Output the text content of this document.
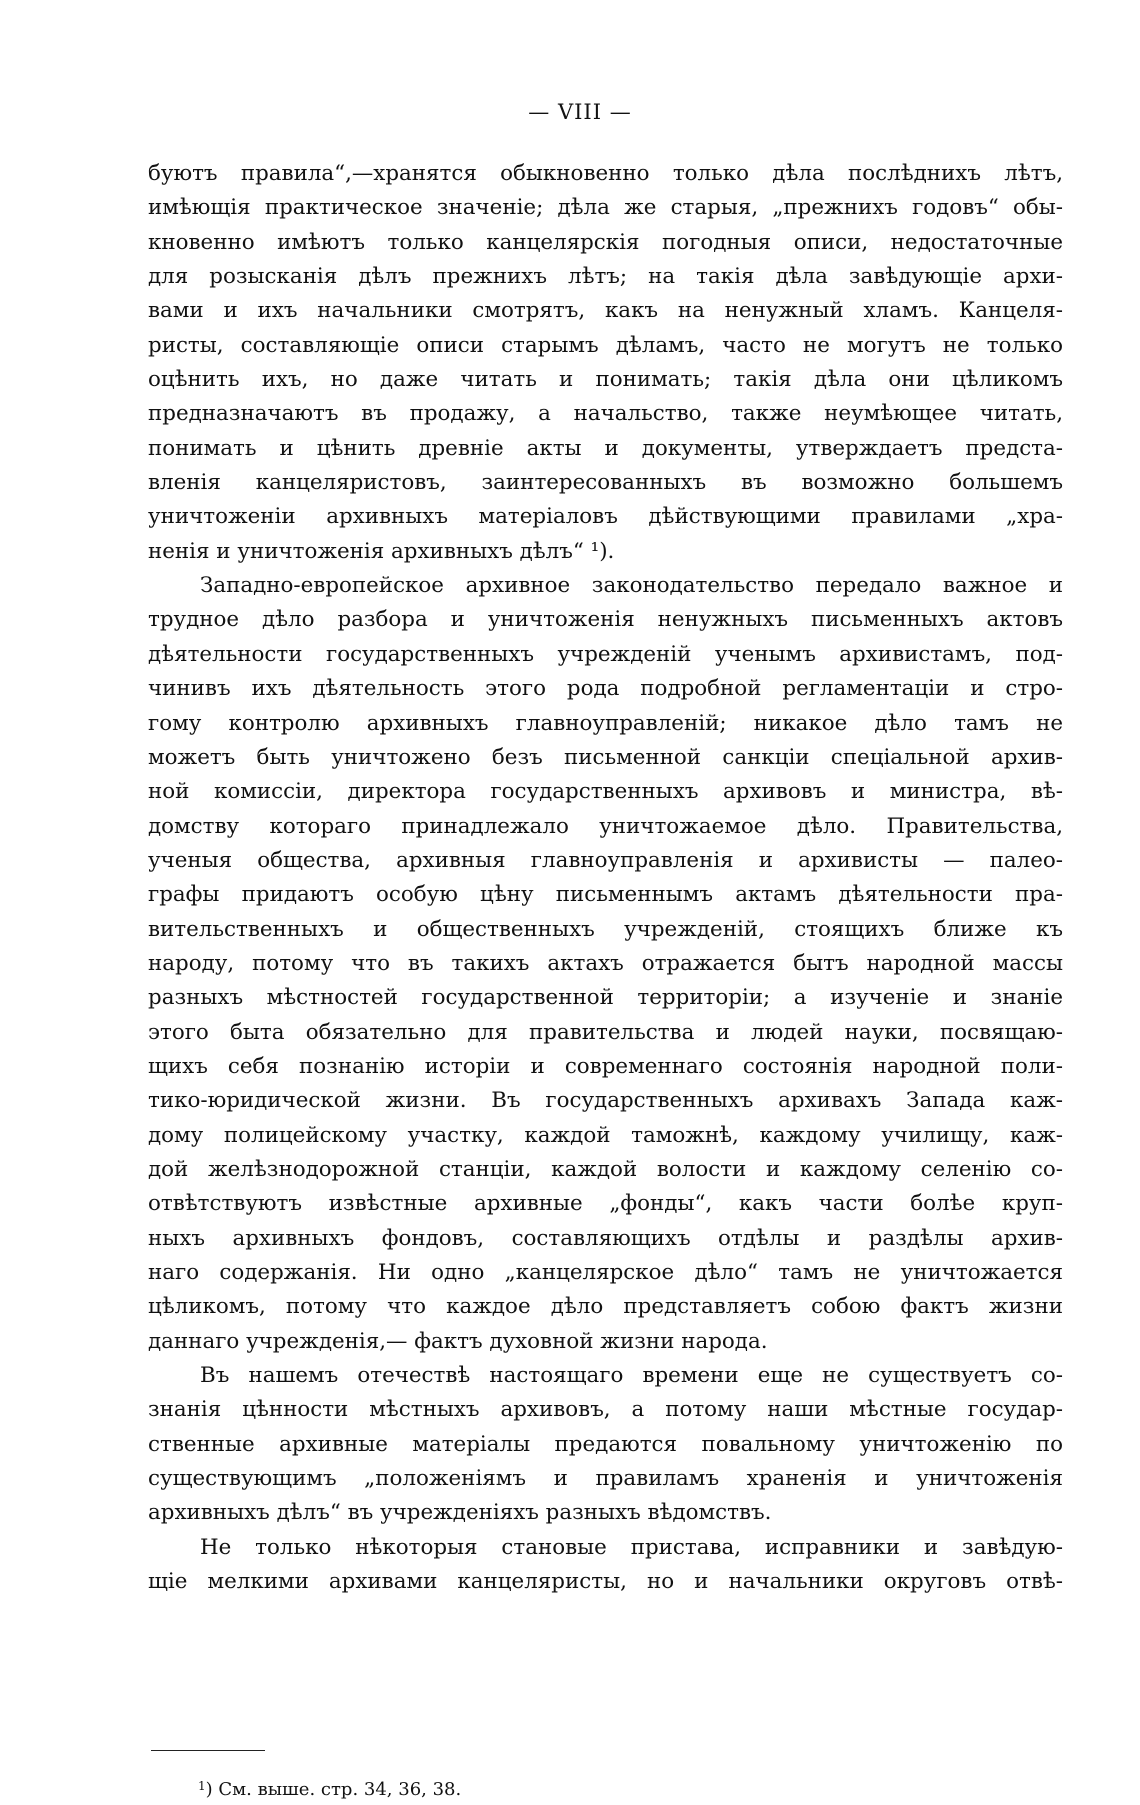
— VIII —
буютъ правила“,—хранятся обыкновенно только дѣла послѣднихъ лѣтъ,
имѣющія практическое значеніе; дѣла же старыя, „прежнихъ годовъ“ обы-
кновенно имѣютъ только канцелярскія погодныя описи, недостаточные
для розысканія дѣлъ прежнихъ лѣтъ; на такія дѣла завѣдующіе архи-
вами и ихъ начальники смотрятъ, какъ на ненужный хламъ. Канцеля-
ристы, составляющіе описи старымъ дѣламъ, часто не могутъ не только
оцѣнить ихъ, но даже читать и понимать; такія дѣла они цѣликомъ
предназначаютъ въ продажу, а начальство, также неумѣющее читать,
понимать и цѣнить древніе акты и документы, утверждаетъ предста-
вленія канцеляристовъ, заинтересованныхъ въ возможно большемъ
уничтоженіи архивныхъ матеріаловъ дѣйствующими правилами „хра-
ненія и уничтоженія архивныхъ дѣлъ“ ¹).
Западно-европейское архивное законодательство передало важное и
трудное дѣло разбора и уничтоженія ненужныхъ письменныхъ актовъ
дѣятельности государственныхъ учрежденій ученымъ архивистамъ, под-
чинивъ ихъ дѣятельность этого рода подробной регламентаціи и стро-
гому контролю архивныхъ главноуправленій; никакое дѣло тамъ не
можетъ быть уничтожено безъ письменной санкціи спеціальной архив-
ной комиссіи, директора государственныхъ архивовъ и министра, вѣ-
домству котораго принадлежало уничтожаемое дѣло. Правительства,
ученыя общества, архивныя главноуправленія и архивисты — палео-
графы придаютъ особую цѣну письменнымъ актамъ дѣятельности пра-
вительственныхъ и общественныхъ учрежденій, стоящихъ ближе къ
народу, потому что въ такихъ актахъ отражается бытъ народной массы
разныхъ мѣстностей государственной территоріи; а изученіе и знаніе
этого быта обязательно для правительства и людей науки, посвящаю-
щихъ себя познанію исторіи и современнаго состоянія народной поли-
тико-юридической жизни. Въ государственныхъ архивахъ Запада каж-
дому полицейскому участку, каждой таможнѣ, каждому училищу, каж-
дой желѣзнодорожной станціи, каждой волости и каждому селенію со-
отвѣтствуютъ извѣстные архивные „фонды“, какъ части болѣе круп-
ныхъ архивныхъ фондовъ, составляющихъ отдѣлы и раздѣлы архив-
наго содержанія. Ни одно „канцелярское дѣло“ тамъ не уничтожается
цѣликомъ, потому что каждое дѣло представляетъ собою фактъ жизни
даннаго учрежденія,— фактъ духовной жизни народа.
Въ нашемъ отечествѣ настоящаго времени еще не существуетъ со-
знанія цѣнности мѣстныхъ архивовъ, а потому наши мѣстные государ-
ственные архивные матеріалы предаются повальному уничтоженію по
существующимъ „положеніямъ и правиламъ храненія и уничтоженія
архивныхъ дѣлъ“ въ учрежденіяхъ разныхъ вѣдомствъ.
Не только нѣкоторыя становые пристава, исправники и завѣдую-
щіе мелкими архивами канцеляристы, но и начальники округовъ отвѣ-
$^1$) См. выше. стр. 34, 36, 38.
